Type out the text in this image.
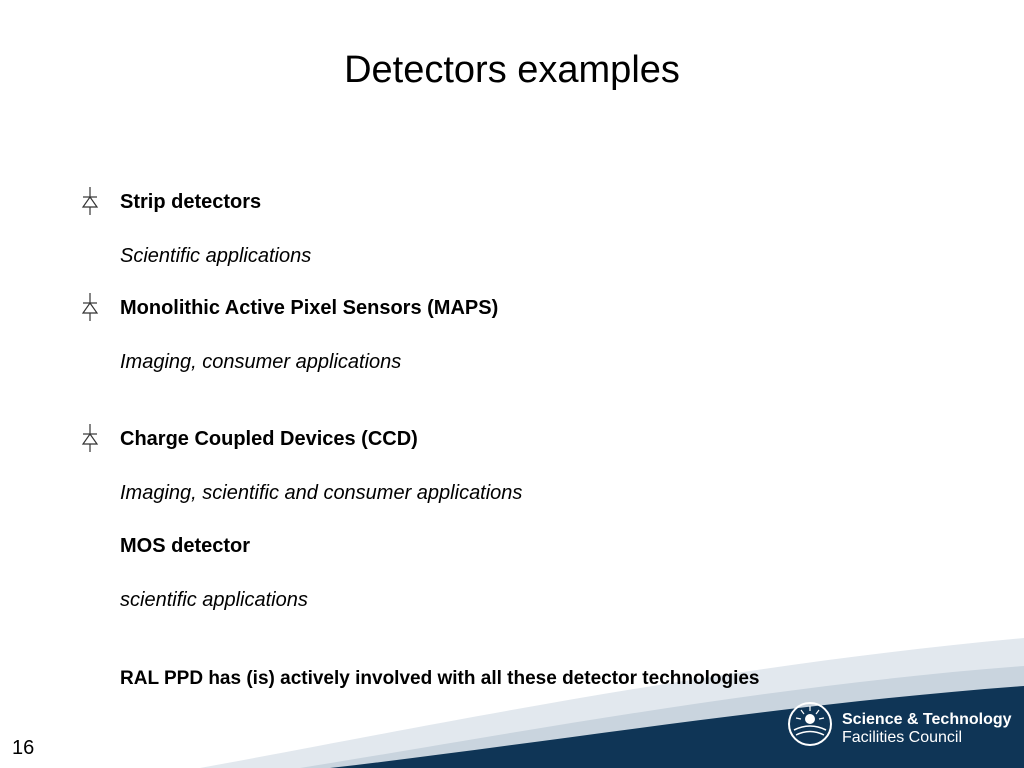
Detectors examples
Strip detectors
Scientific applications
Monolithic Active Pixel Sensors (MAPS)
Imaging, consumer applications
Charge Coupled Devices (CCD)
Imaging, scientific and consumer applications
MOS detector
scientific applications
RAL PPD has (is) actively involved with all these detector technologies
16
Science & Technology
Facilities Council
